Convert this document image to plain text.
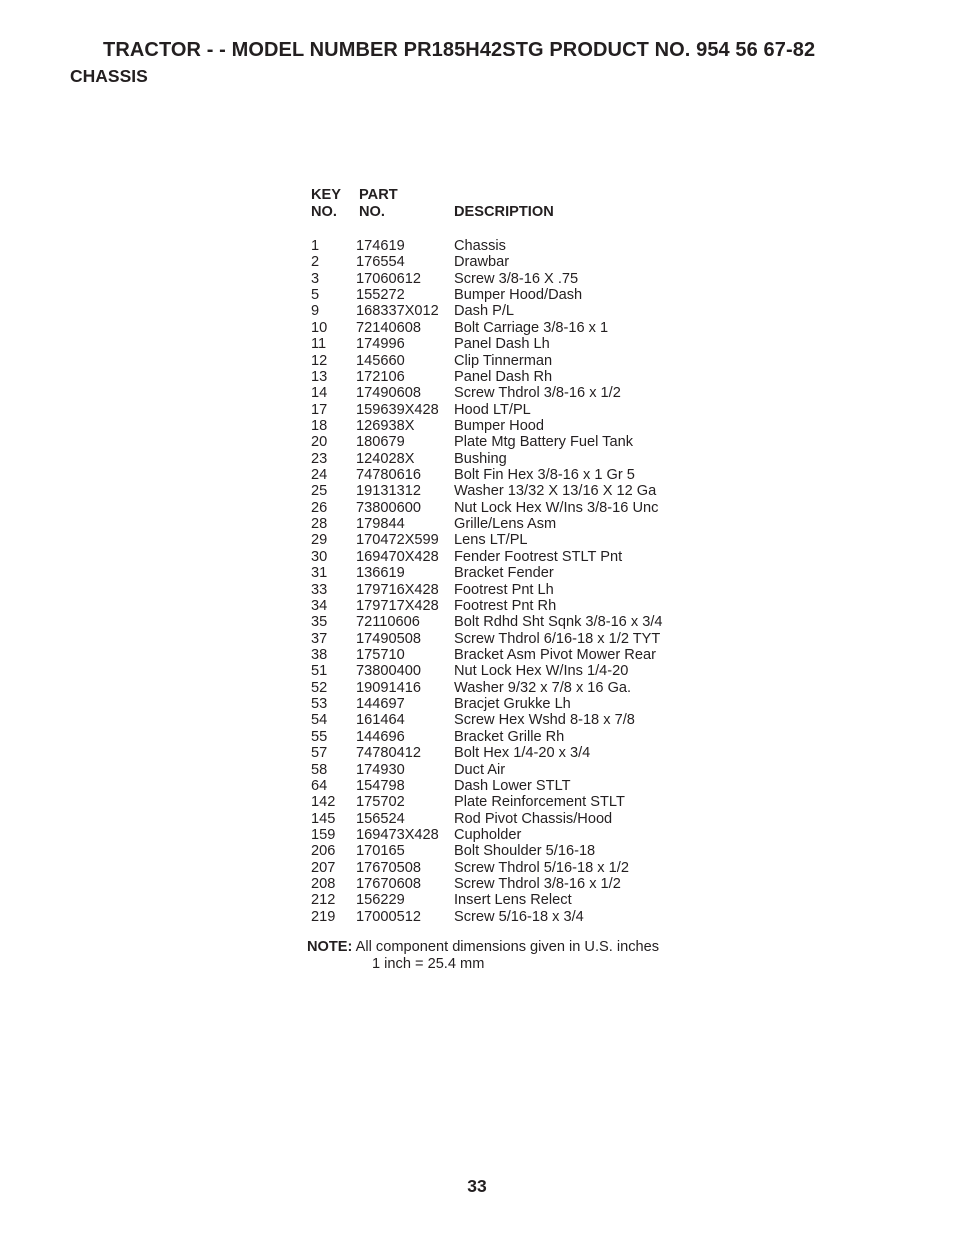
TRACTOR - - MODEL NUMBER PR185H42STG PRODUCT NO. 954 56 67-82
CHASSIS
KEY
NO.
PART
NO.	DESCRIPTION
1	174619	Chassis
2	176554	Drawbar
3	17060612 Screw 3/8-16 X .75
5	155272	Bumper Hood/Dash
9	168337X012 Dash P/L
10 72140608 Bolt Carriage 3/8-16 x 1
11 174996	Panel Dash Lh
12 145660	Clip Tinnerman
13 172106	Panel Dash Rh
14 17490608 Screw Thdrol 3/8-16 x 1/2
17 159639X428 Hood LT/PL
18 126938X	Bumper Hood
20 180679	Plate Mtg Battery Fuel Tank
23 124028X	Bushing
24 74780616 Bolt Fin Hex 3/8-16 x 1 Gr 5
25 19131312 Washer 13/32 X 13/16 X 12 Ga
26 73800600 Nut Lock Hex W/Ins 3/8-16 Unc
28 179844	Grille/Lens Asm
29 170472X599 Lens LT/PL
30 169470X428 Fender Footrest STLT Pnt
31 136619	Bracket Fender
33 179716X428 Footrest Pnt Lh
34 179717X428 Footrest Pnt Rh
35 72110606 Bolt Rdhd Sht Sqnk 3/8-16 x 3/4
37 17490508 Screw Thdrol 6/16-18 x 1/2 TYT
38 175710	Bracket Asm Pivot Mower Rear
51 73800400 Nut Lock Hex W/Ins 1/4-20
52 19091416 Washer 9/32 x 7/8 x 16 Ga.
53 144697	Bracjet Grukke Lh
54 161464	Screw Hex Wshd 8-18 x 7/8
55 144696	Bracket Grille Rh
57 74780412 Bolt Hex 1/4-20 x 3/4
58 174930	Duct Air
64 154798	Dash Lower STLT
142 175702	Plate Reinforcement STLT
145 156524	Rod Pivot Chassis/Hood
159 169473X428 Cupholder
206 170165	Bolt Shoulder 5/16-18
207 17670508 Screw Thdrol 5/16-18 x 1/2
208 17670608 Screw Thdrol 3/8-16 x 1/2
212 156229	Insert Lens Relect
219 17000512 Screw 5/16-18 x 3/4
NOTE: All component dimensions given in U.S. inches
1 inch = 25.4 mm
33
